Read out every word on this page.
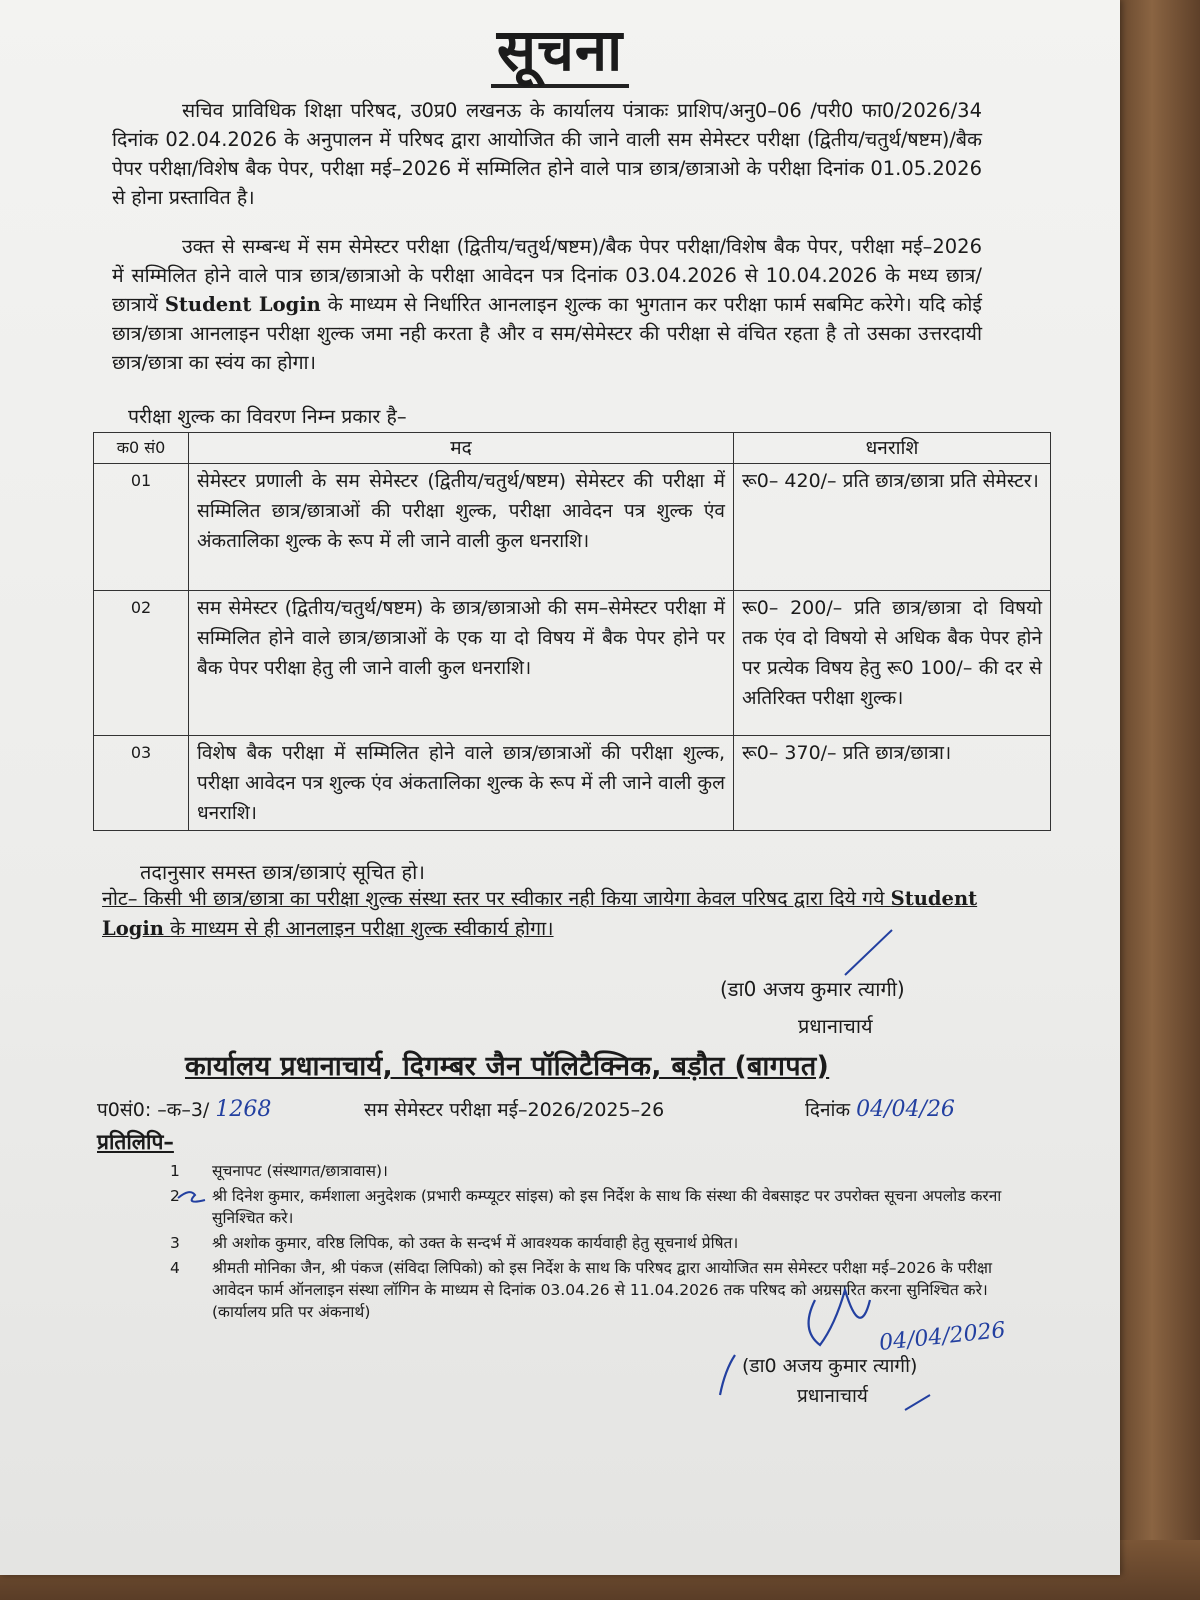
सूचना
सचिव प्राविधिक शिक्षा परिषद, उ0प्र0 लखनऊ के कार्यालय पंत्राकः प्राशिप/अनु0–06 /परी0 फा0/2026/34 दिनांक 02.04.2026 के अनुपालन में परिषद द्वारा आयोजित की जाने वाली सम सेमेस्टर परीक्षा (द्वितीय/चतुर्थ/षष्टम)/बैक पेपर परीक्षा/विशेष बैक पेपर, परीक्षा मई–2026 में सम्मिलित होने वाले पात्र छात्र/छात्राओ के परीक्षा दिनांक 01.05.2026 से होना प्रस्तावित है।
उक्त से सम्बन्ध में सम सेमेस्टर परीक्षा (द्वितीय/चतुर्थ/षष्टम)/बैक पेपर परीक्षा/विशेष बैक पेपर, परीक्षा मई–2026 में सम्मिलित होने वाले पात्र छात्र/छात्राओ के परीक्षा आवेदन पत्र दिनांक 03.04.2026 से 10.04.2026 के मध्य छात्र/छात्रायें Student Login के माध्यम से निर्धारित आनलाइन शुल्क का भुगतान कर परीक्षा फार्म सबमिट करेगे। यदि कोई छात्र/छात्रा आनलाइन परीक्षा शुल्क जमा नही करता है और व सम/सेमेस्टर की परीक्षा से वंचित रहता है तो उसका उत्तरदायी छात्र/छात्रा का स्वंय का होगा।
परीक्षा शुल्क का विवरण निम्न प्रकार है–
क0 सं0	मद	धनराशि
01	सेमेस्टर प्रणाली के सम सेमेस्टर (द्वितीय/चतुर्थ/षष्टम) सेमेस्टर की परीक्षा में सम्मिलित छात्र/छात्राओं की परीक्षा शुल्क, परीक्षा आवेदन पत्र शुल्क एंव अंकतालिका शुल्क के रूप में ली जाने वाली कुल धनराशि।	रू0– 420/– प्रति छात्र/छात्रा प्रति सेमेस्टर।
02	सम सेमेस्टर (द्वितीय/चतुर्थ/षष्टम) के छात्र/छात्राओ की सम–सेमेस्टर परीक्षा में सम्मिलित होने वाले छात्र/छात्राओं के एक या दो विषय में बैक पेपर होने पर बैक पेपर परीक्षा हेतु ली जाने वाली कुल धनराशि।	रू0– 200/– प्रति छात्र/छात्रा दो विषयो तक एंव दो विषयो से अधिक बैक पेपर होने पर प्रत्येक विषय हेतु रू0 100/– की दर से अतिरिक्त परीक्षा शुल्क।
03	विशेष बैक परीक्षा में सम्मिलित होने वाले छात्र/छात्राओं की परीक्षा शुल्क, परीक्षा आवेदन पत्र शुल्क एंव अंकतालिका शुल्क के रूप में ली जाने वाली कुल धनराशि।	रू0– 370/– प्रति छात्र/छात्रा।
तदानुसार समस्त छात्र/छात्राएं सूचित हो।
नोट– किसी भी छात्र/छात्रा का परीक्षा शुल्क संस्था स्तर पर स्वीकार नही किया जायेगा केवल परिषद द्वारा दिये गये Student Login के माध्यम से ही आनलाइन परीक्षा शुल्क स्वीकार्य होगा।
(डा0 अजय कुमार त्यागी)
प्रधानाचार्य
कार्यालय प्रधानाचार्य, दिगम्बर जैन पॉलिटैक्निक, बड़ौत (बागपत)
प0सं0: –क–3/ 1268	सम सेमेस्टर परीक्षा मई–2026/2025–26	दिनांक 04/04/26
प्रतिलिपि–
1	सूचनापट (संस्थागत/छात्रावास)।
2	श्री दिनेश कुमार, कर्मशाला अनुदेशक (प्रभारी कम्प्यूटर सांइस) को इस निर्देश के साथ कि संस्था की वेबसाइट पर उपरोक्त सूचना अपलोड करना सुनिश्चित करे।
3	श्री अशोक कुमार, वरिष्ठ लिपिक, को उक्त के सन्दर्भ में आवश्यक कार्यवाही हेतु सूचनार्थ प्रेषित।
4	श्रीमती मोनिका जैन, श्री पंकज (संविदा लिपिको) को इस निर्देश के साथ कि परिषद द्वारा आयोजित सम सेमेस्टर परीक्षा मई–2026 के परीक्षा आवेदन फार्म ऑनलाइन संस्था लॉगिन के माध्यम से दिनांक 03.04.26 से 11.04.2026 तक परिषद को अग्रसारित करना सुनिश्चित करे। (कार्यालय प्रति पर अंकनार्थ)
(डा0 अजय कुमार त्यागी)
प्रधानाचार्य
04/04/2026
